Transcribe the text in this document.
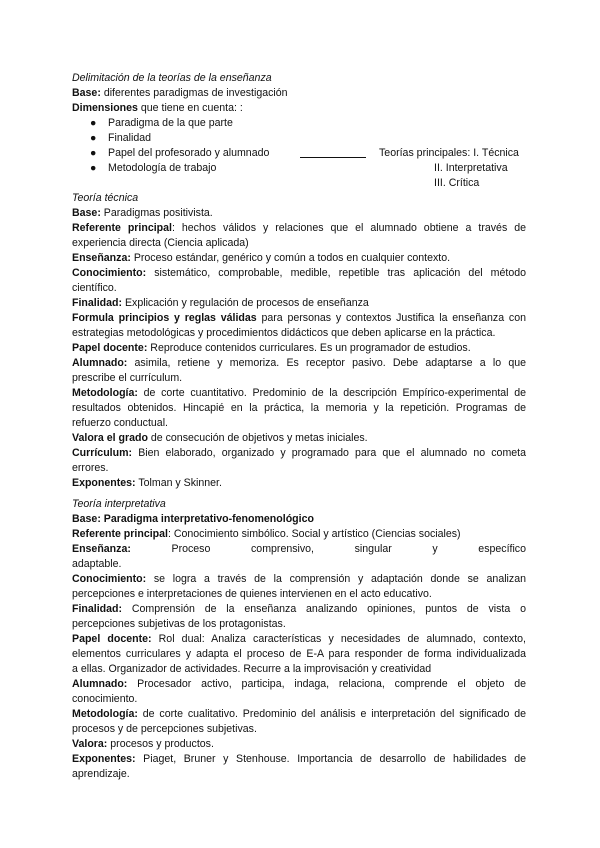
Delimitación de la teorías de la enseñanza
Base: diferentes paradigmas de investigación
Dimensiones que tiene en cuenta: :
● Paradigma de la que parte
● Finalidad
● Papel del profesorado y alumnado
● Metodología de trabajo
Teorías principales: I. Técnica
II. Interpretativa
III. Crítica
Teoría técnica
Base: Paradigmas positivista.
Referente principal: hechos válidos y relaciones que el alumnado obtiene a través de
experiencia directa (Ciencia aplicada)
Enseñanza: Proceso estándar, genérico y común a todos en cualquier contexto.
Conocimiento: sistemático, comprobable, medible, repetible tras aplicación del método
científico.
Finalidad: Explicación y regulación de procesos de enseñanza
Formula principios y reglas válidas para personas y contextos Justifica la enseñanza con
estrategias metodológicas y procedimientos didácticos que deben aplicarse en la práctica.
Papel docente: Reproduce contenidos curriculares. Es un programador de estudios.
Alumnado: asimila, retiene y memoriza. Es receptor pasivo. Debe adaptarse a lo que
prescribe el currículum.
Metodología: de corte cuantitativo. Predominio de la descripción Empírico-experimental de
resultados obtenidos. Hincapié en la práctica, la memoria y la repetición. Programas de
refuerzo conductual.
Valora el grado de consecución de objetivos y metas iniciales.
Currículum: Bien elaborado, organizado y programado para que el alumnado no cometa
errores.
Exponentes: Tolman y Skinner.
Teoría interpretativa
Base: Paradigma interpretativo-fenomenológico
Referente principal: Conocimiento simbólico. Social y artístico (Ciencias sociales)
Enseñanza: Proceso comprensivo, singular y específico
adaptable.
Conocimiento: se logra a través de la comprensión y adaptación donde se analizan
percepciones e interpretaciones de quienes intervienen en el acto educativo.
Finalidad: Comprensión de la enseñanza analizando opiniones, puntos de vista o
percepciones subjetivas de los protagonistas.
Papel docente: Rol dual: Analiza características y necesidades de alumnado, contexto,
elementos curriculares y adapta el proceso de E-A para responder de forma individualizada
a ellas. Organizador de actividades. Recurre a la improvisación y creatividad
Alumnado: Procesador activo, participa, indaga, relaciona, comprende el objeto de
conocimiento.
Metodología: de corte cualitativo. Predominio del análisis e interpretación del significado de
procesos y de percepciones subjetivas.
Valora: procesos y productos.
Exponentes: Piaget, Bruner y Stenhouse. Importancia de desarrollo de habilidades de
aprendizaje.
